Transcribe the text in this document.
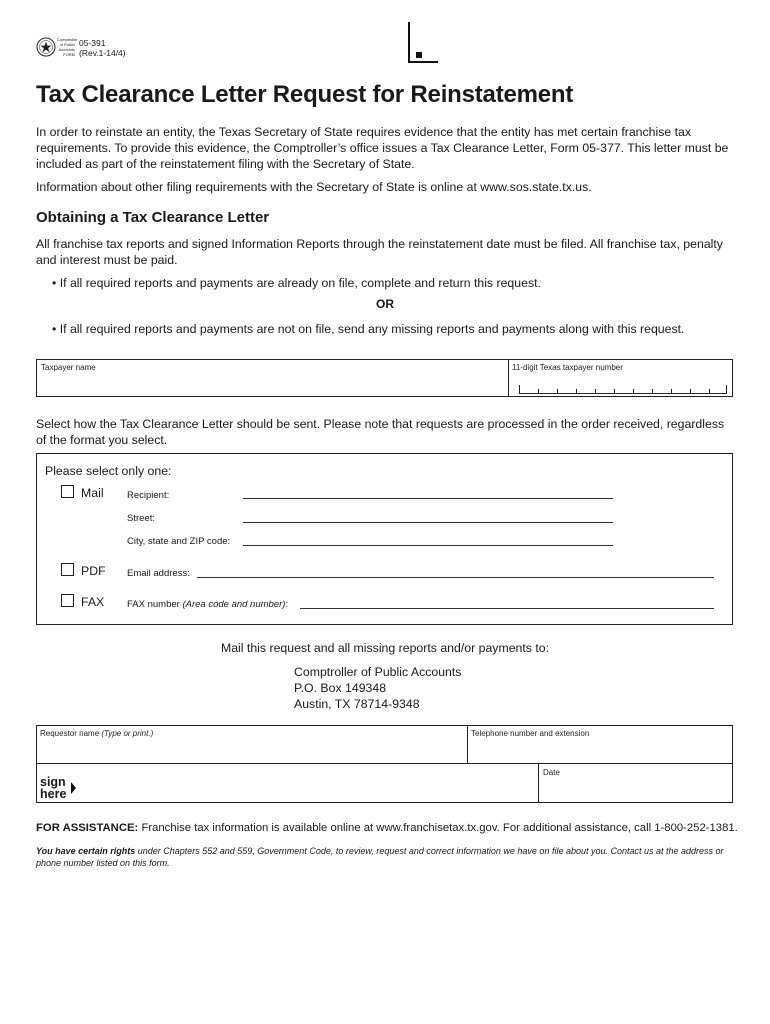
Comptroller
of Public
Accounts
FORM
05-391
(Rev.1-14/4)
Tax Clearance Letter Request for Reinstatement
In order to reinstate an entity, the Texas Secretary of State requires evidence that the entity has met certain franchise tax requirements. To provide this evidence, the Comptroller’s office issues a Tax Clearance Letter, Form 05-377. This letter must be included as part of the reinstatement filing with the Secretary of State.
Information about other filing requirements with the Secretary of State is online at www.sos.state.tx.us.
Obtaining a Tax Clearance Letter
All franchise tax reports and signed Information Reports through the reinstatement date must be filed. All franchise tax, penalty and interest must be paid.
• If all required reports and payments are already on file, complete and return this request.
OR
• If all required reports and payments are not on file, send any missing reports and payments along with this request.
Taxpayer name	11-digit Texas taxpayer number
Select how the Tax Clearance Letter should be sent. Please note that requests are processed in the order received, regardless of the format you select.
Please select only one:
Mail Recipient:
Street:
City, state and ZIP code:
PDF Email address:
FAX FAX number (Area code and number):
Mail this request and all missing reports and/or payments to:
Comptroller of Public Accounts
P.O. Box 149348
Austin, TX 78714-9348
Requestor name (Type or print.)	Telephone number and extension
sign
here
Date
FOR ASSISTANCE: Franchise tax information is available online at www.franchisetax.tx.gov. For additional assistance, call 1-800-252-1381.
You have certain rights under Chapters 552 and 559, Government Code, to review, request and correct information we have on file about you. Contact us at the address or phone number listed on this form.
